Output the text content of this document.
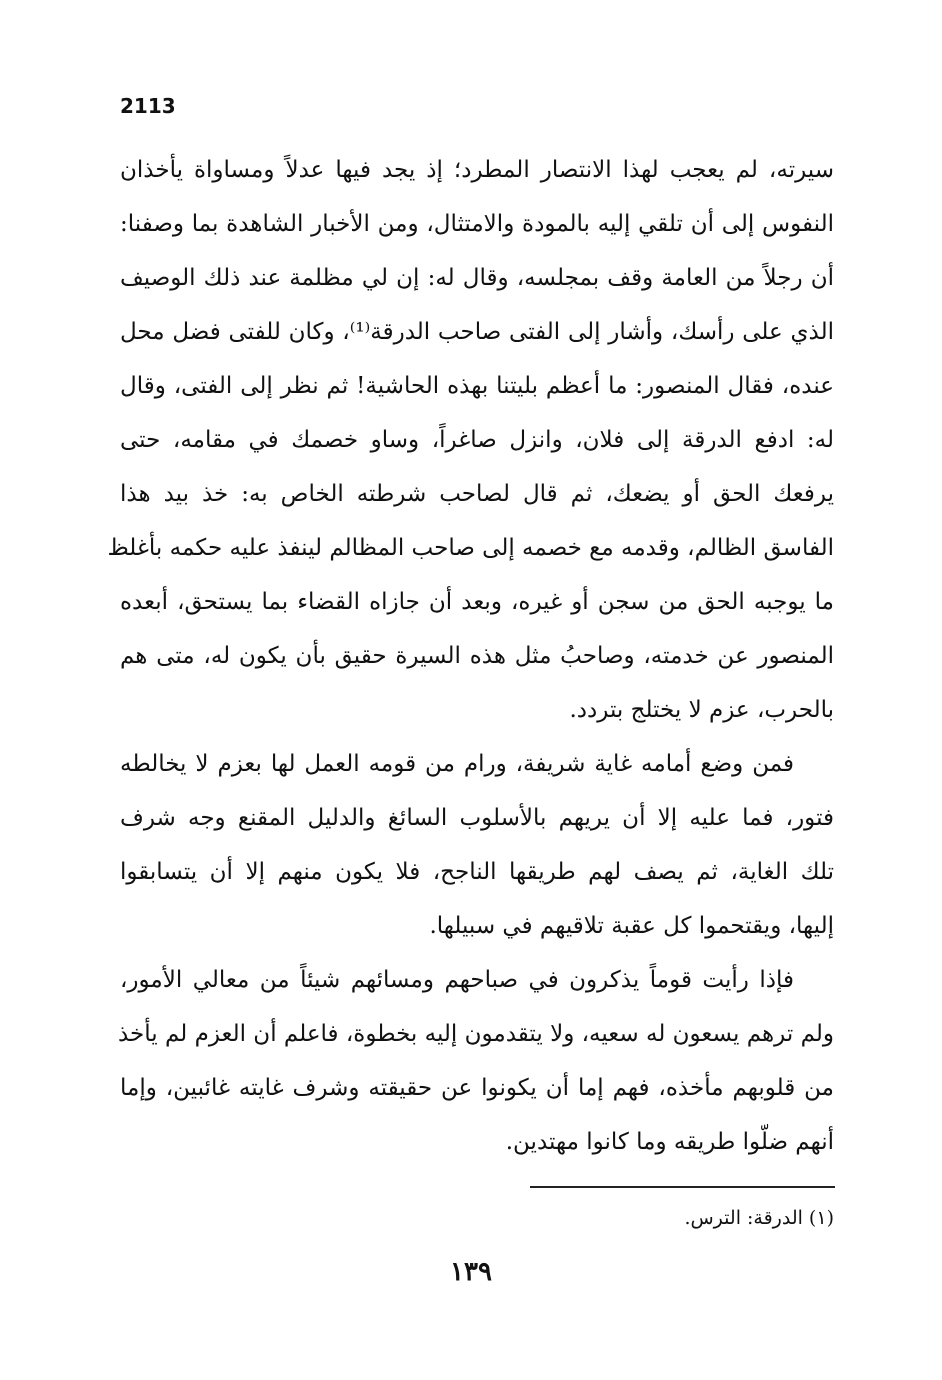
2113
سيرته، لم يعجب لهذا الانتصار المطرد؛ إذ يجد فيها عدلاً ومساواة يأخذان
النفوس إلى أن تلقي إليه بالمودة والامتثال، ومن الأخبار الشاهدة بما وصفنا:
أن رجلاً من العامة وقف بمجلسه، وقال له: إن لي مظلمة عند ذلك الوصيف
الذي على رأسك، وأشار إلى الفتى صاحب الدرقة⁽¹⁾، وكان للفتى فضل محل
عنده، فقال المنصور: ما أعظم بليتنا بهذه الحاشية! ثم نظر إلى الفتى، وقال
له: ادفع الدرقة إلى فلان، وانزل صاغراً، وساو خصمك في مقامه، حتى
يرفعك الحق أو يضعك، ثم قال لصاحب شرطته الخاص به: خذ بيد هذا
الفاسق الظالم، وقدمه مع خصمه إلى صاحب المظالم لينفذ عليه حكمه بأغلظ
ما يوجبه الحق من سجن أو غيره، وبعد أن جازاه القضاء بما يستحق، أبعده
المنصور عن خدمته، وصاحبُ مثل هذه السيرة حقيق بأن يكون له، متى هم
بالحرب، عزم لا يختلج بتردد.
فمن وضع أمامه غاية شريفة، ورام من قومه العمل لها بعزم لا يخالطه
فتور، فما عليه إلا أن يريهم بالأسلوب السائغ والدليل المقنع وجه شرف
تلك الغاية، ثم يصف لهم طريقها الناجح، فلا يكون منهم إلا أن يتسابقوا
إليها، ويقتحموا كل عقبة تلاقيهم في سبيلها.
فإذا رأيت قوماً يذكرون في صباحهم ومسائهم شيئاً من معالي الأمور،
ولم ترهم يسعون له سعيه، ولا يتقدمون إليه بخطوة، فاعلم أن العزم لم يأخذ
من قلوبهم مأخذه، فهم إما أن يكونوا عن حقيقته وشرف غايته غائبين، وإما
أنهم ضلّوا طريقه وما كانوا مهتدين.
(١) الدرقة: الترس.
١٣٩
